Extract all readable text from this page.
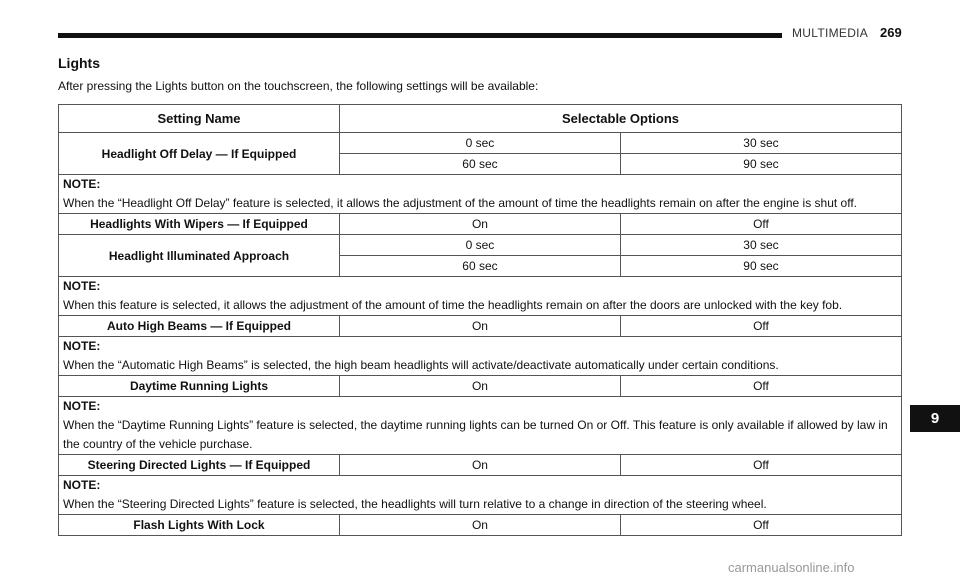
MULTIMEDIA 269
Lights
After pressing the Lights button on the touchscreen, the following settings will be available:
Setting Name	Selectable Options	
Headlight Off Delay — If Equipped	0 sec	30 sec
	60 sec	90 sec

NOTE:
When the “Headlight Off Delay” feature is selected, it allows the adjustment of the amount of time the headlights remain on after the engine is shut off.		
Headlights With Wipers — If Equipped	On	Off
Headlight Illuminated Approach	0 sec	30 sec
	60 sec	90 sec

NOTE:
When this feature is selected, it allows the adjustment of the amount of time the headlights remain on after the doors are unlocked with the key fob.		
Auto High Beams — If Equipped	On	Off

NOTE:
When the “Automatic High Beams” is selected, the high beam headlights will activate/deactivate automatically under certain conditions.		
Daytime Running Lights	On	Off

NOTE:
When the “Daytime Running Lights” feature is selected, the daytime running lights can be turned On or Off. This feature is only available if allowed by law in the country of the vehicle purchase.		
Steering Directed Lights — If Equipped	On	Off

NOTE:
When the “Steering Directed Lights” feature is selected, the headlights will turn relative to a change in direction of the steering wheel.		
Flash Lights With Lock	On	Off
9
carmanualsonline.info
